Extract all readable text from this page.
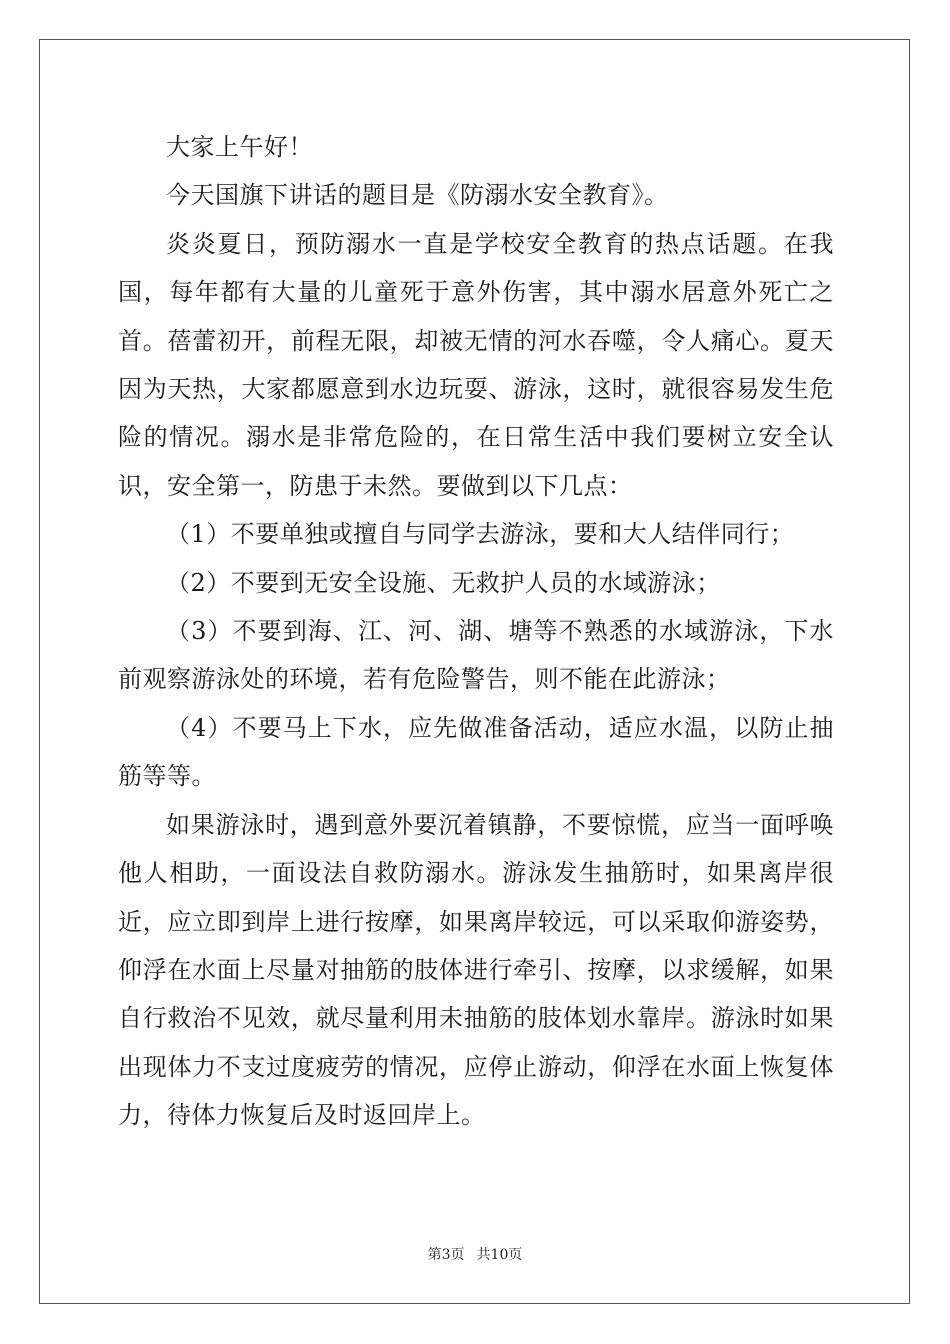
大家上午好！

今天国旗下讲话的题目是《防溺水安全教育》。

炎炎夏日，预防溺水一直是学校安全教育的热点话题。在我国，每年都有大量的儿童死于意外伤害，其中溺水居意外死亡之首。蓓蕾初开，前程无限，却被无情的河水吞噬，令人痛心。夏天因为天热，大家都愿意到水边玩耍、游泳，这时，就很容易发生危险的情况。溺水是非常危险的，在日常生活中我们要树立安全认识，安全第一，防患于未然。要做到以下几点：

（1）不要单独或擅自与同学去游泳，要和大人结伴同行；

（2）不要到无安全设施、无救护人员的水域游泳；

（3）不要到海、江、河、湖、塘等不熟悉的水域游泳，下水前观察游泳处的环境，若有危险警告，则不能在此游泳；

（4）不要马上下水，应先做准备活动，适应水温，以防止抽筋等等。

如果游泳时，遇到意外要沉着镇静，不要惊慌，应当一面呼唤他人相助，一面设法自救防溺水。游泳发生抽筋时，如果离岸很近，应立即到岸上进行按摩，如果离岸较远，可以采取仰游姿势，仰浮在水面上尽量对抽筋的肢体进行牵引、按摩，以求缓解，如果自行救治不见效，就尽量利用未抽筋的肢体划水靠岸。游泳时如果出现体力不支过度疲劳的情况，应停止游动，仰浮在水面上恢复体力，待体力恢复后及时返回岸上。

第3页 共10页
